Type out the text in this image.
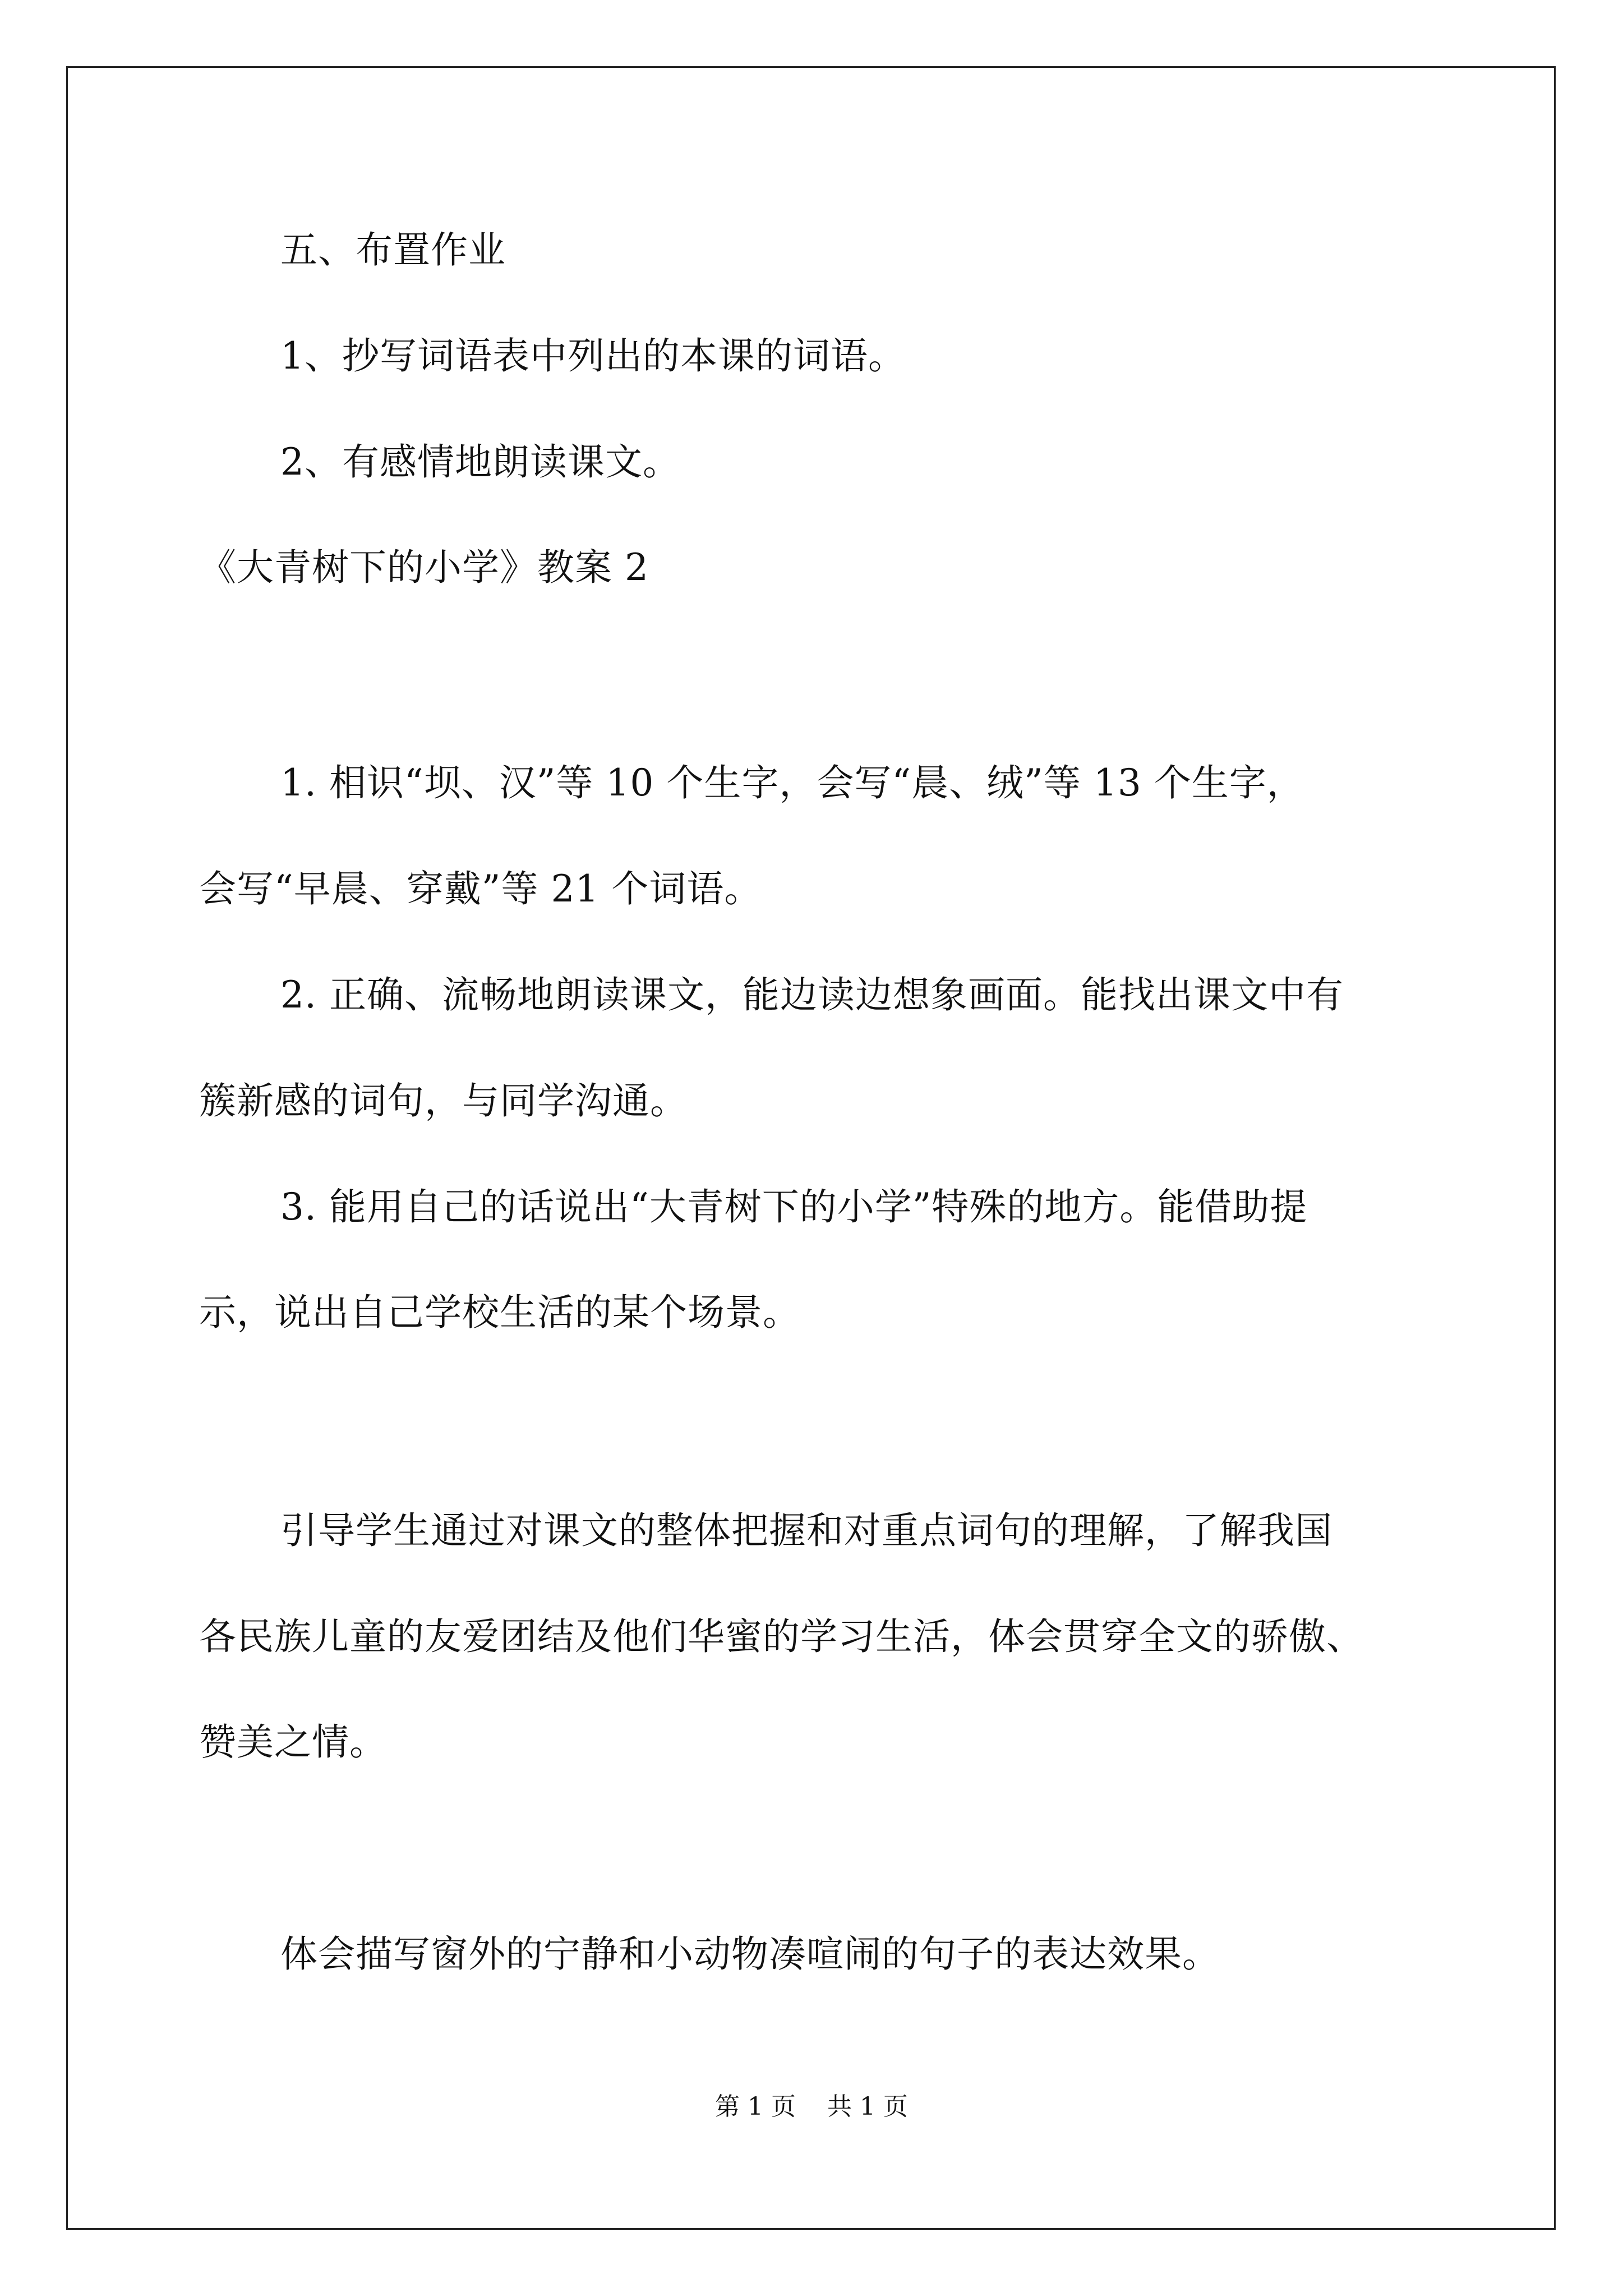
五、布置作业
1、抄写词语表中列出的本课的词语。
2、有感情地朗读课文。
《大青树下的小学》教案 2
1. 相识“坝、汉”等 10 个生字，会写“晨、绒”等 13 个生字，
会写“早晨、穿戴”等 21 个词语。
2. 正确、流畅地朗读课文，能边读边想象画面。能找出课文中有
簇新感的词句，与同学沟通。
3. 能用自己的话说出“大青树下的小学”特殊的地方。能借助提
示，说出自己学校生活的某个场景。
引导学生通过对课文的整体把握和对重点词句的理解，了解我国
各民族儿童的友爱团结及他们华蜜的学习生活，体会贯穿全文的骄傲、
赞美之情。
体会描写窗外的宁静和小动物凑喧闹的句子的表达效果。
第 1 页    共 1 页
